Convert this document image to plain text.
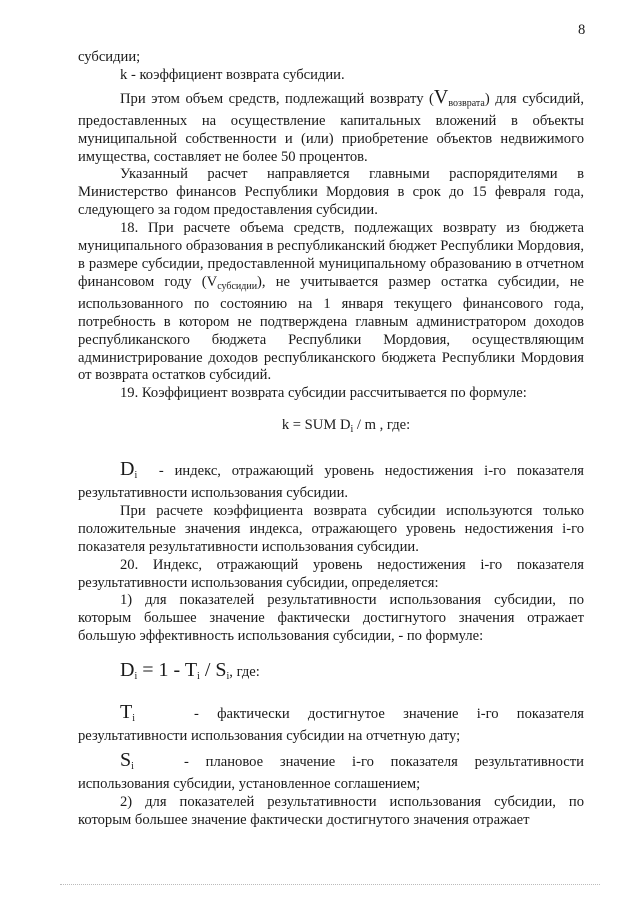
8

субсидии;

k - коэффициент возврата субсидии.

При этом объем средств, подлежащий возврату $(V_{возврата})$ для субсидий, предоставленных на осуществление капитальных вложений в объекты муниципальной собственности и (или) приобретение объектов недвижимого имущества, составляет не более 50 процентов.

Указанный расчет направляется главными распорядителями в Министерство финансов Республики Мордовия в срок до 15 февраля года, следующего за годом предоставления субсидии.

18. При расчете объема средств, подлежащих возврату из бюджета муниципального образования в республиканский бюджет Республики Мордовия, в размере субсидии, предоставленной муниципальному образованию в отчетном финансовом году $(V_{субсидии})$, не учитывается размер остатка субсидии, не использованного по состоянию на 1 января текущего финансового года, потребность в котором не подтверждена главным администратором доходов республиканского бюджета Республики Мордовия, осуществляющим администрирование доходов республиканского бюджета Республики Мордовия от возврата остатков субсидий.

19. Коэффициент возврата субсидии рассчитывается по формуле:

k = SUM $D_i$ / m , где:

$D_i$ - индекс, отражающий уровень недостижения i-го показателя результативности использования субсидии.

При расчете коэффициента возврата субсидии используются только положительные значения индекса, отражающего уровень недостижения i-го показателя результативности использования субсидии.

20. Индекс, отражающий уровень недостижения i-го показателя результативности использования субсидии, определяется:

1) для показателей результативности использования субсидии, по которым большее значение фактически достигнутого значения отражает большую эффективность использования субсидии, - по формуле:

$D_i = 1 - T_i / S_i$, где:

$T_i$	- фактически достигнутое значение i-го показателя

результативности использования субсидии на отчетную дату;

$S_i$	- плановое значение i-го показателя результативности

использования субсидии, установленное соглашением;

2) для показателей результативности использования субсидии, по которым большее значение фактически достигнутого значения отражает
